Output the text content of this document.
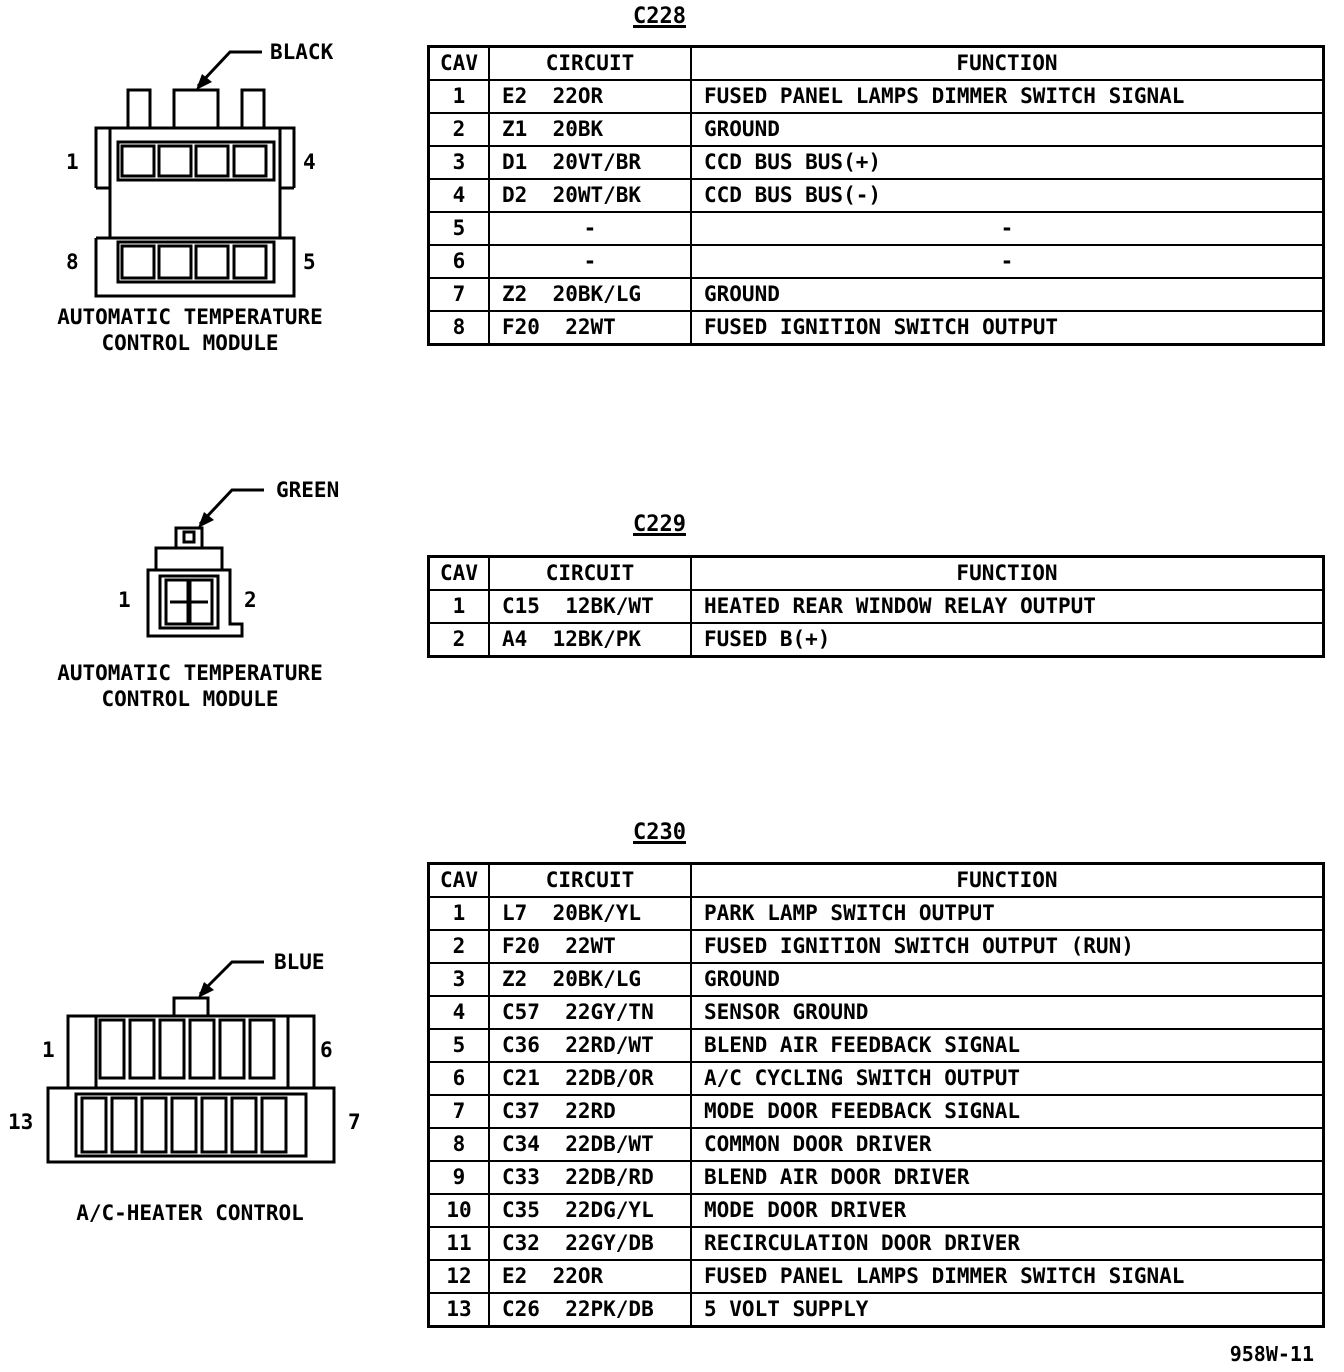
BLACK
1	4
8	5
AUTOMATIC TEMPERATURE
CONTROL MODULE
GREEN
1	2
AUTOMATIC TEMPERATURE
CONTROL MODULE
BLUE
1	6
13	7
A/C-HEATER CONTROL
C228
CAV	CIRCUIT	FUNCTION
1	E2  22OR	FUSED PANEL LAMPS DIMMER SWITCH SIGNAL
2	Z1  20BK	GROUND
3	D1  20VT/BR	CCD BUS BUS(+)
4	D2  20WT/BK	CCD BUS BUS(-)
5	-	-
6	-	-
7	Z2  20BK/LG	GROUND
8	F20  22WT	FUSED IGNITION SWITCH OUTPUT
C229
CAV	CIRCUIT	FUNCTION
1	C15  12BK/WT	HEATED REAR WINDOW RELAY OUTPUT
2	A4  12BK/PK	FUSED B(+)
C230
CAV	CIRCUIT	FUNCTION
1	L7  20BK/YL	PARK LAMP SWITCH OUTPUT
2	F20  22WT	FUSED IGNITION SWITCH OUTPUT (RUN)
3	Z2  20BK/LG	GROUND
4	C57  22GY/TN	SENSOR GROUND
5	C36  22RD/WT	BLEND AIR FEEDBACK SIGNAL
6	C21  22DB/OR	A/C CYCLING SWITCH OUTPUT
7	C37  22RD	MODE DOOR FEEDBACK SIGNAL
8	C34  22DB/WT	COMMON DOOR DRIVER
9	C33  22DB/RD	BLEND AIR DOOR DRIVER
10	C35  22DG/YL	MODE DOOR DRIVER
11	C32  22GY/DB	RECIRCULATION DOOR DRIVER
12	E2  22OR	FUSED PANEL LAMPS DIMMER SWITCH SIGNAL
13	C26  22PK/DB	5 VOLT SUPPLY
958W-11
